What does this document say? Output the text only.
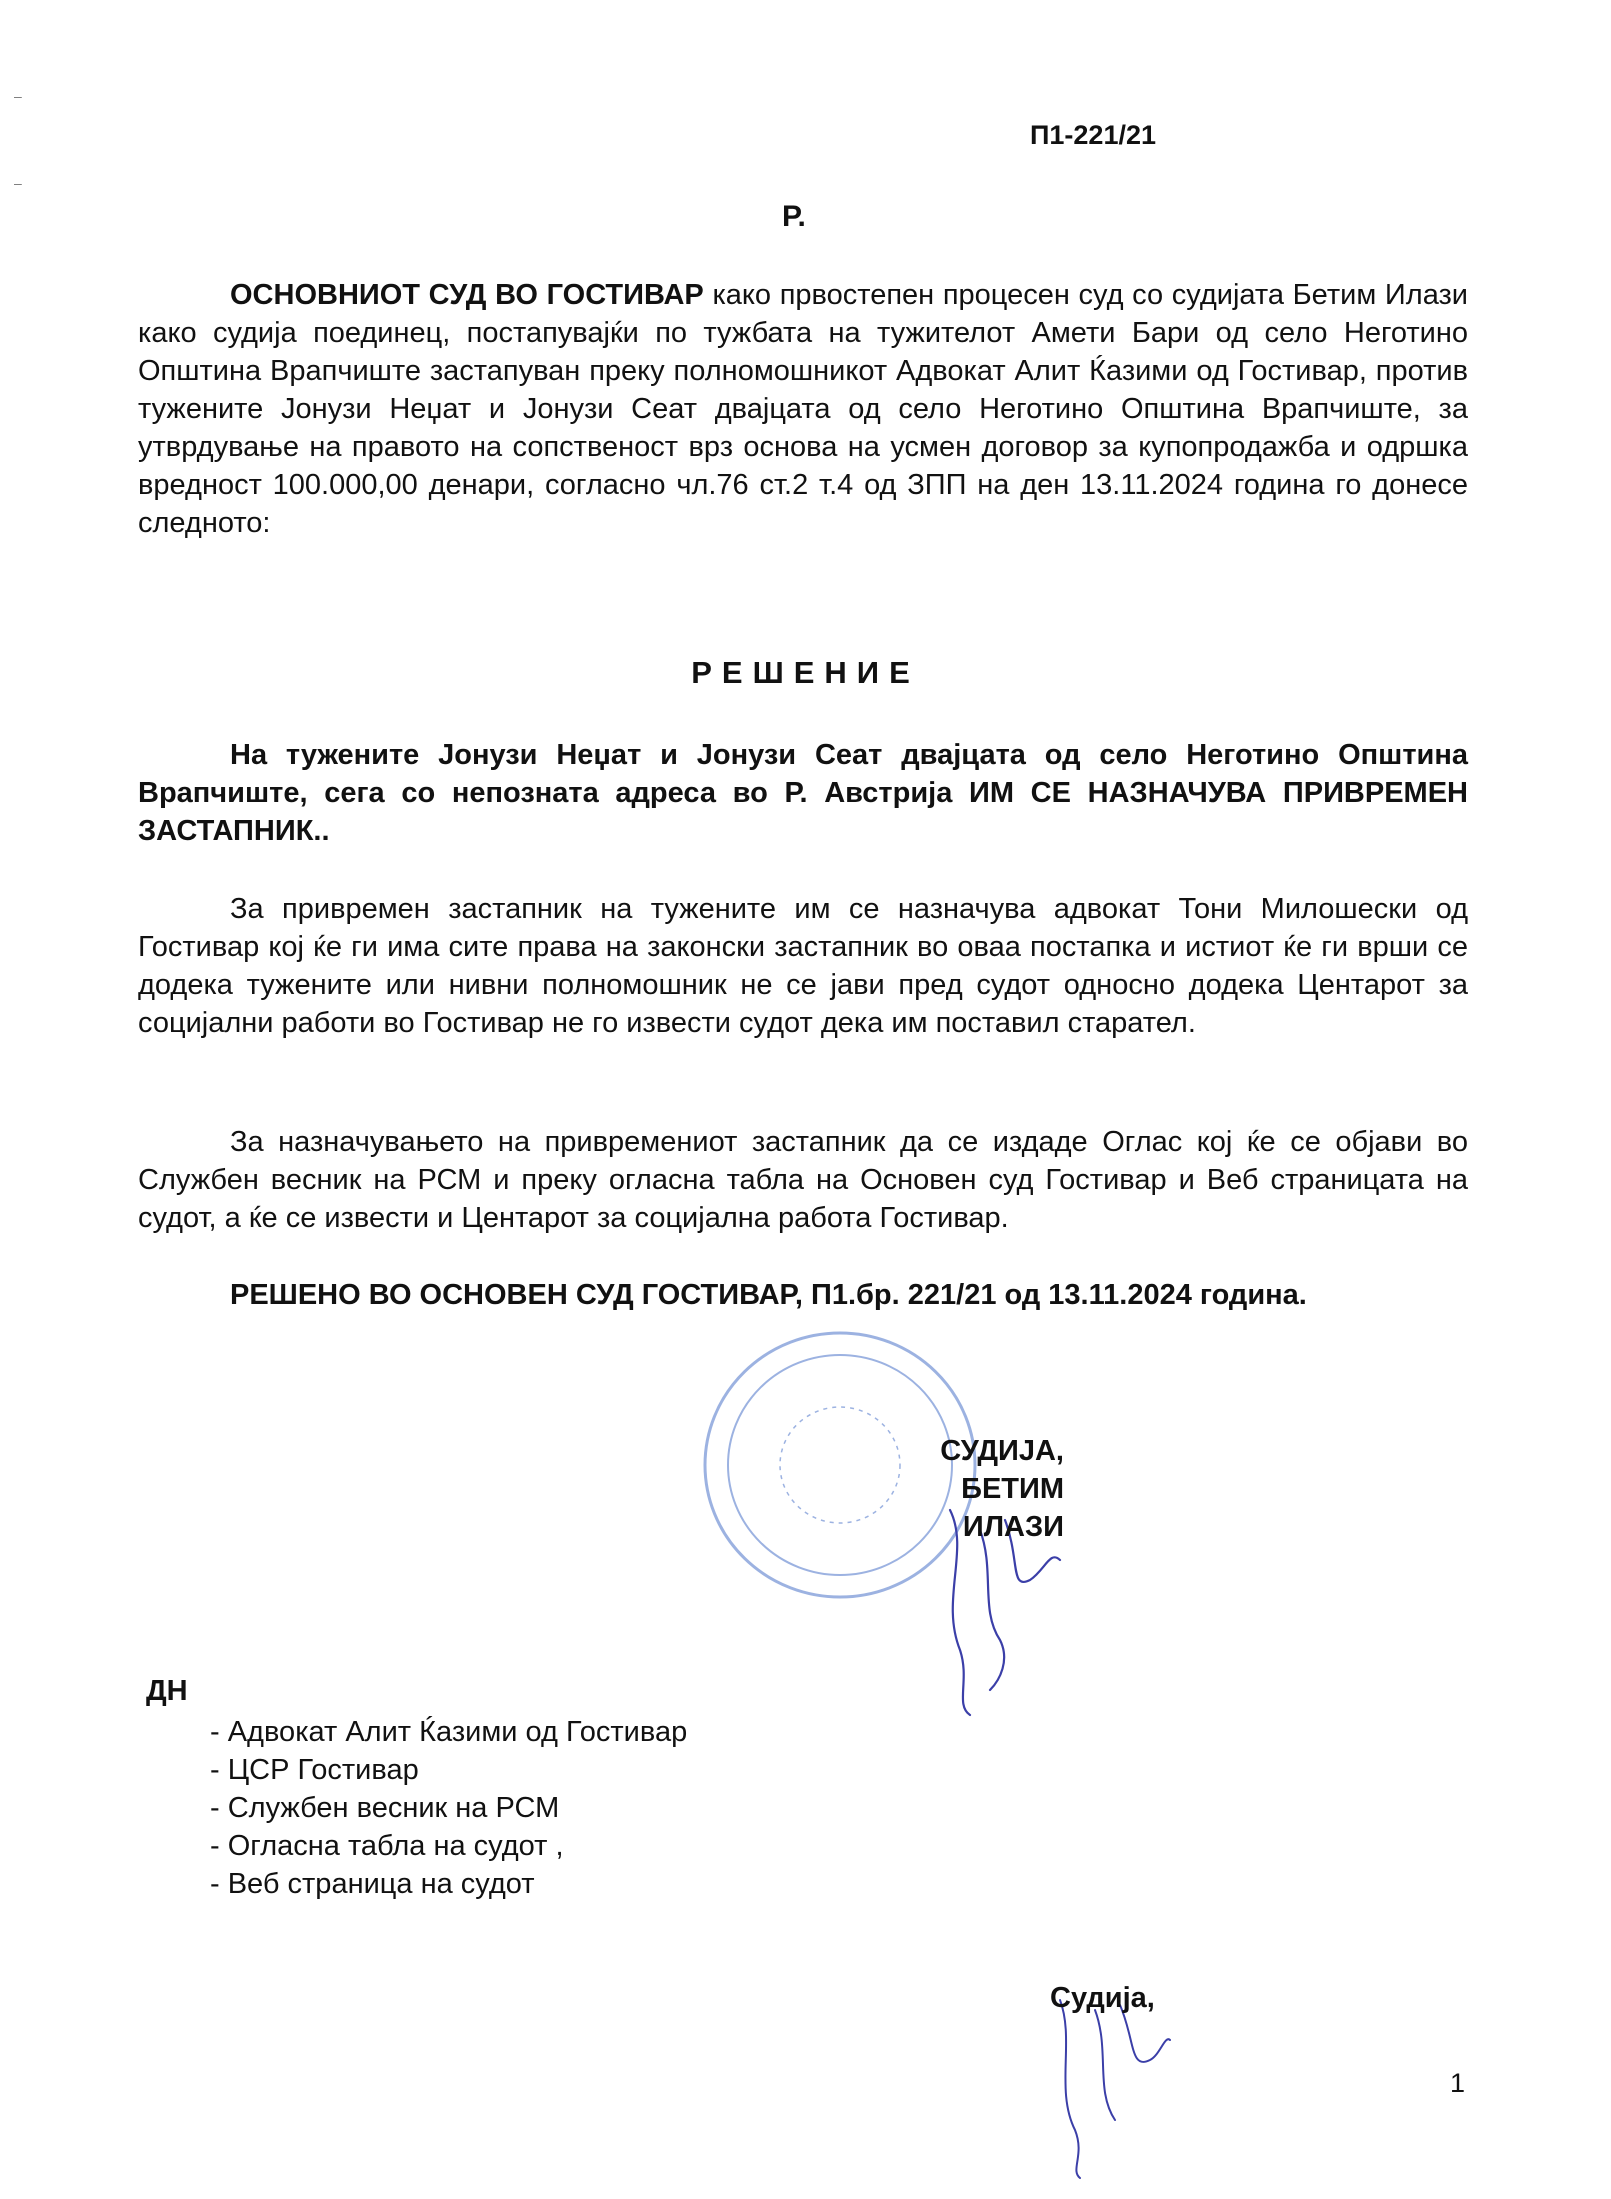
–
–
П1-221/21
Р.

ОСНОВНИОТ СУД ВО ГОСТИВАР како првостепен процесен суд со судијата Бетим Илази како судија поединец, постапувајќи по тужбата на тужителот Амети Бари од село Неготино Општина Врапчиште застапуван преку полномошникот Адвокат Алит Ќазими од Гостивар, против тужените Јонузи Неџат и Јонузи Сеат двајцата од село Неготино Општина Врапчиште, за утврдување на правото на сопственост врз основа на усмен договор за купопродажба и одршка вредност 100.000,00 денари, согласно чл.76 ст.2 т.4 од ЗПП на ден 13.11.2024 година го донесе следното:

РЕШЕНИЕ

На тужените Јонузи Неџат и Јонузи Сеат двајцата од село Неготино Општина Врапчиште, сега со непозната адреса во Р. Австрија ИМ СЕ НАЗНАЧУВА ПРИВРЕМЕН ЗАСТАПНИК..

За привремен застапник на тужените им се назначува адвокат Тони Милошески од Гостивар кој ќе ги има сите права на законски застапник во оваа постапка и истиот ќе ги врши се додека тужените или нивни полномошник не се јави пред судот односно додека Центарот за социјални работи во Гостивар не го извести судот дека им поставил старател.

За назначувањето на привремениот застапник да се издаде Оглас кој ќе се објави во Службен весник на РСМ и преку огласна табла на Основен суд Гостивар и Веб страницата на судот, а ќе се извести и Центарот за социјална работа Гостивар.

РЕШЕНО ВО ОСНОВЕН СУД ГОСТИВАР, П1.бр. 221/21 од 13.11.2024 година.

СУДИЈА,
БЕТИМ ИЛАЗИ
ДН
- Адвокат Алит Ќазими од Гостивар
- ЦСР Гостивар
- Службен весник на РСМ
- Огласна табла на судот ,
- Веб страница на судот
Судија,
1
